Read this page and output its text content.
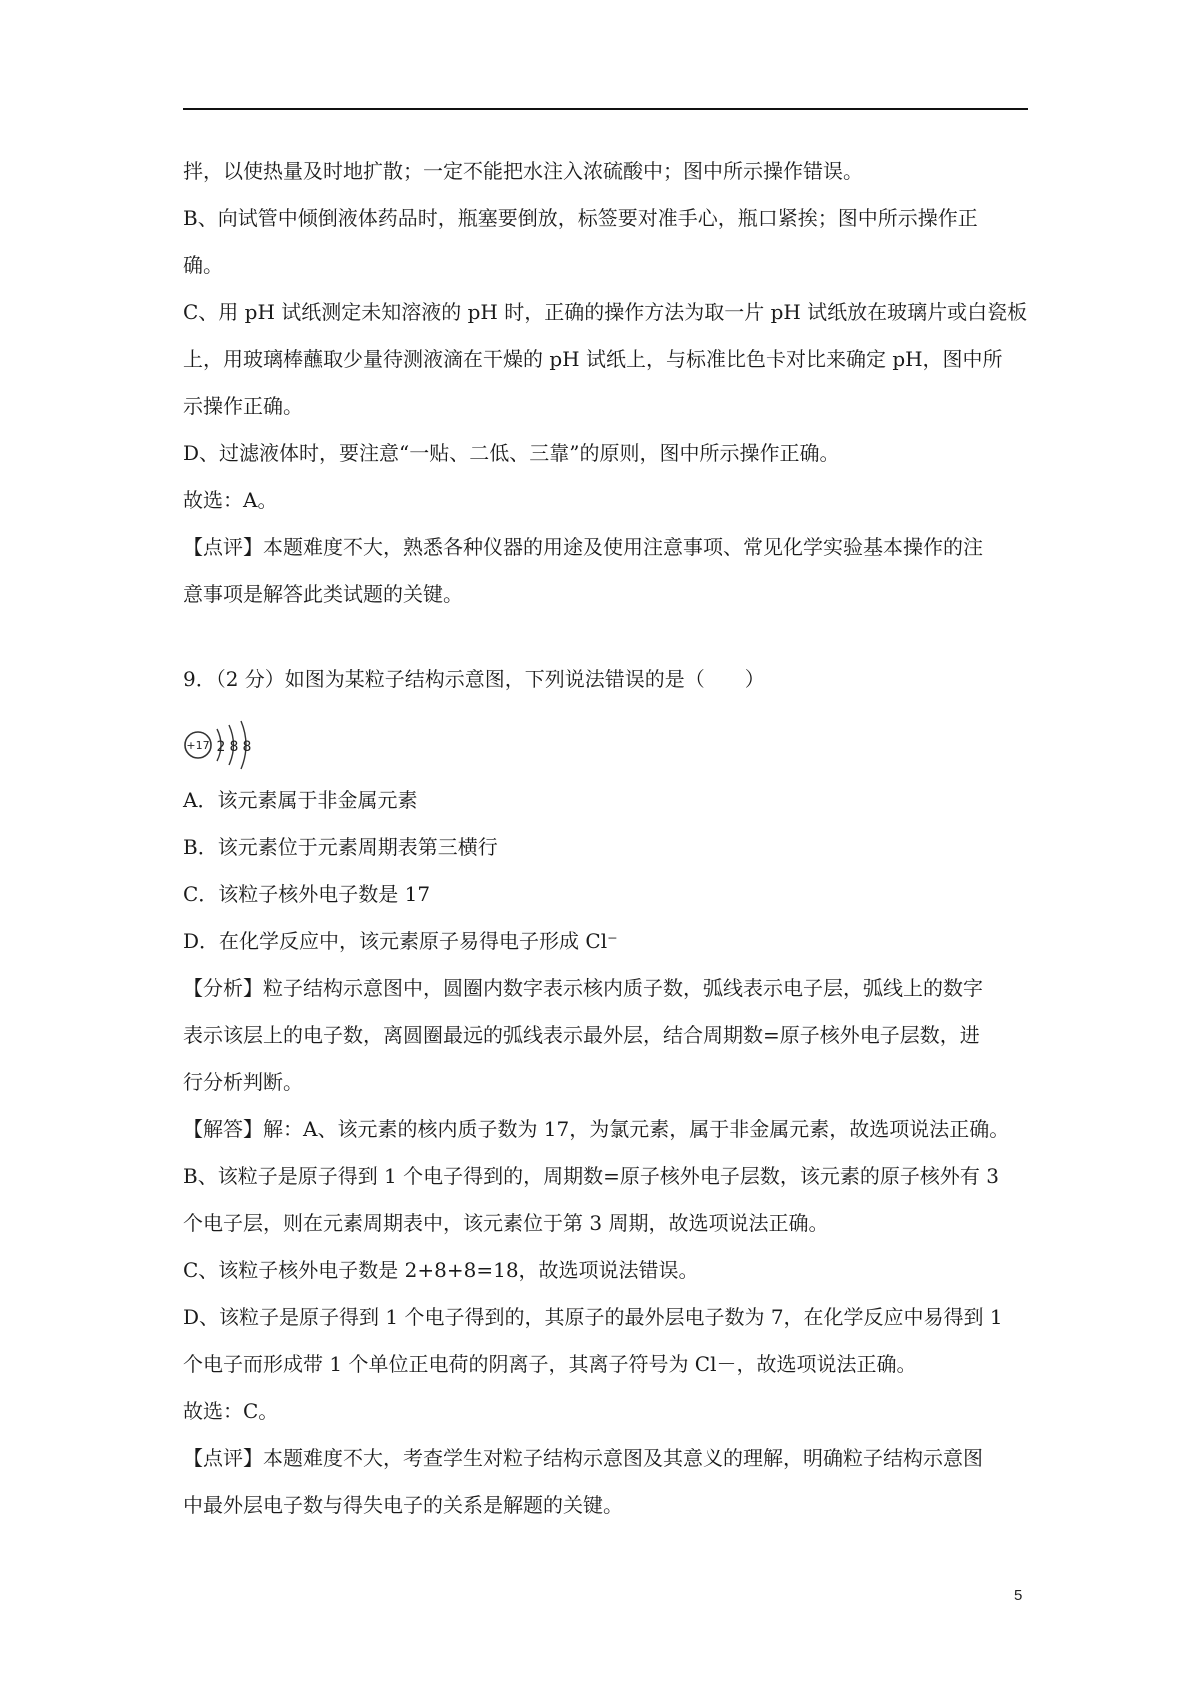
拌，以使热量及时地扩散；一定不能把水注入浓硫酸中；图中所示操作错误。
B、向试管中倾倒液体药品时，瓶塞要倒放，标签要对准手心，瓶口紧挨；图中所示操作正
确。
C、用 pH 试纸测定未知溶液的 pH 时，正确的操作方法为取一片 pH 试纸放在玻璃片或白瓷板
上，用玻璃棒蘸取少量待测液滴在干燥的 pH 试纸上，与标准比色卡对比来确定 pH，图中所
示操作正确。
D、过滤液体时，要注意“一贴、二低、三靠”的原则，图中所示操作正确。
故选：A。
【点评】本题难度不大，熟悉各种仪器的用途及使用注意事项、常见化学实验基本操作的注
意事项是解答此类试题的关键。
9．（2 分）如图为某粒子结构示意图，下列说法错误的是（　　）
+17 2 8 8
A．该元素属于非金属元素
B．该元素位于元素周期表第三横行
C．该粒子核外电子数是 17
D．在化学反应中，该元素原子易得电子形成 Cl⁻
【分析】粒子结构示意图中，圆圈内数字表示核内质子数，弧线表示电子层，弧线上的数字
表示该层上的电子数，离圆圈最远的弧线表示最外层，结合周期数=原子核外电子层数，进
行分析判断。
【解答】解：A、该元素的核内质子数为 17，为氯元素，属于非金属元素，故选项说法正确。
B、该粒子是原子得到 1 个电子得到的，周期数=原子核外电子层数，该元素的原子核外有 3
个电子层，则在元素周期表中，该元素位于第 3 周期，故选项说法正确。
C、该粒子核外电子数是 2+8+8=18，故选项说法错误。
D、该粒子是原子得到 1 个电子得到的，其原子的最外层电子数为 7，在化学反应中易得到 1
个电子而形成带 1 个单位正电荷的阴离子，其离子符号为 Cl－，故选项说法正确。
故选：C。
【点评】本题难度不大，考查学生对粒子结构示意图及其意义的理解，明确粒子结构示意图
中最外层电子数与得失电子的关系是解题的关键。
5
